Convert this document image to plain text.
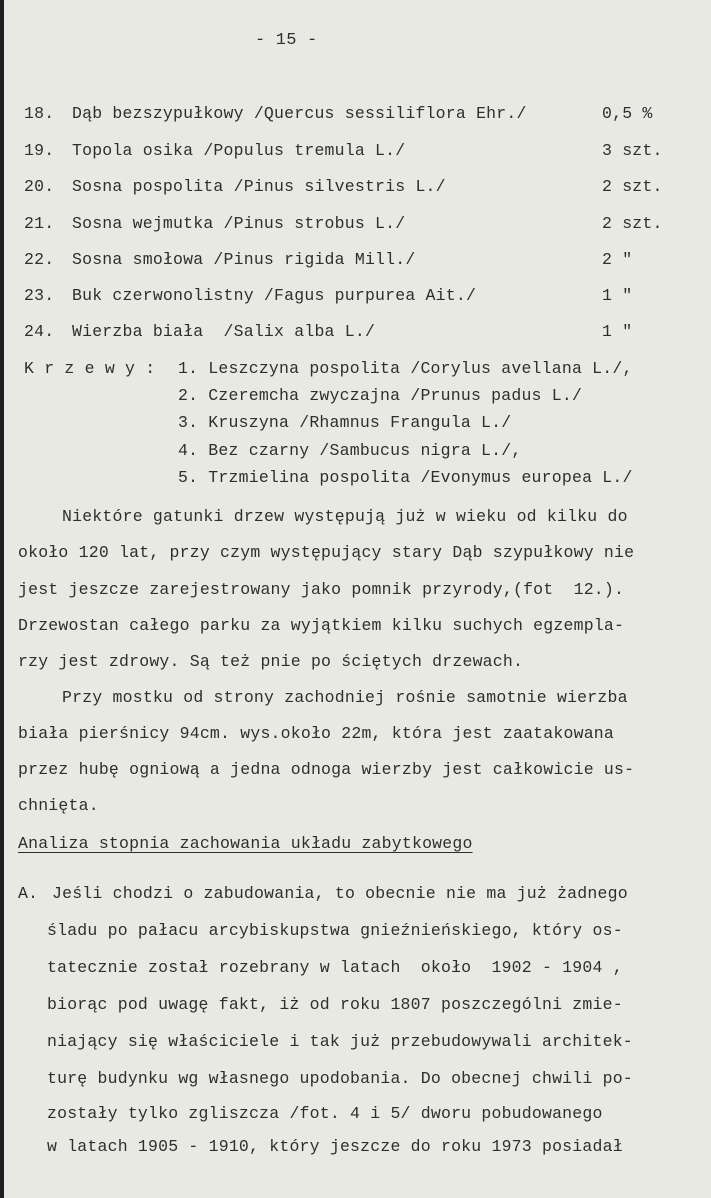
- 15 -
18. Dąb bezszypułkowy /Quercus sessiliflora Ehr./	0,5 %
19. Topola osika /Populus tremula L./	3 szt.
20. Sosna pospolita /Pinus silvestris L./	2 szt.
21. Sosna wejmutka /Pinus strobus L./	2 szt.
22. Sosna smołowa /Pinus rigida Mill./	2 "
23. Buk czerwonolistny /Fagus purpurea Ait./	1 "
24. Wierzba biała  /Salix alba L./	1 "
K r z e w y : 1. Leszczyna pospolita /Corylus avellana L./,
2. Czeremcha zwyczajna /Prunus padus L./
3. Kruszyna /Rhamnus Frangula L./
4. Bez czarny /Sambucus nigra L./,
5. Trzmielina pospolita /Evonymus europea L./
Niektóre gatunki drzew występują już w wieku od kilku do
około 120 lat, przy czym występujący stary Dąb szypułkowy nie
jest jeszcze zarejestrowany jako pomnik przyrody,(fot  12.).
Drzewostan całego parku za wyjątkiem kilku suchych egzempla-
rzy jest zdrowy. Są też pnie po ściętych drzewach.
Przy mostku od strony zachodniej rośnie samotnie wierzba
biała pierśnicy 94cm. wys.około 22m, która jest zaatakowana
przez hubę ogniową a jedna odnoga wierzby jest całkowicie us-
chnięta.
Analiza stopnia zachowania układu zabytkowego
A. Jeśli chodzi o zabudowania, to obecnie nie ma już żadnego
śladu po pałacu arcybiskupstwa gnieźnieńskiego, który os-
tatecznie został rozebrany w latach  około  1902 - 1904 ,
biorąc pod uwagę fakt, iż od roku 1807 poszczególni zmie-
niający się właściciele i tak już przebudowywali architek-
turę budynku wg własnego upodobania. Do obecnej chwili po-
zostały tylko zgliszcza /fot. 4 i 5/ dworu pobudowanego
w latach 1905 - 1910, który jeszcze do roku 1973 posiadał
